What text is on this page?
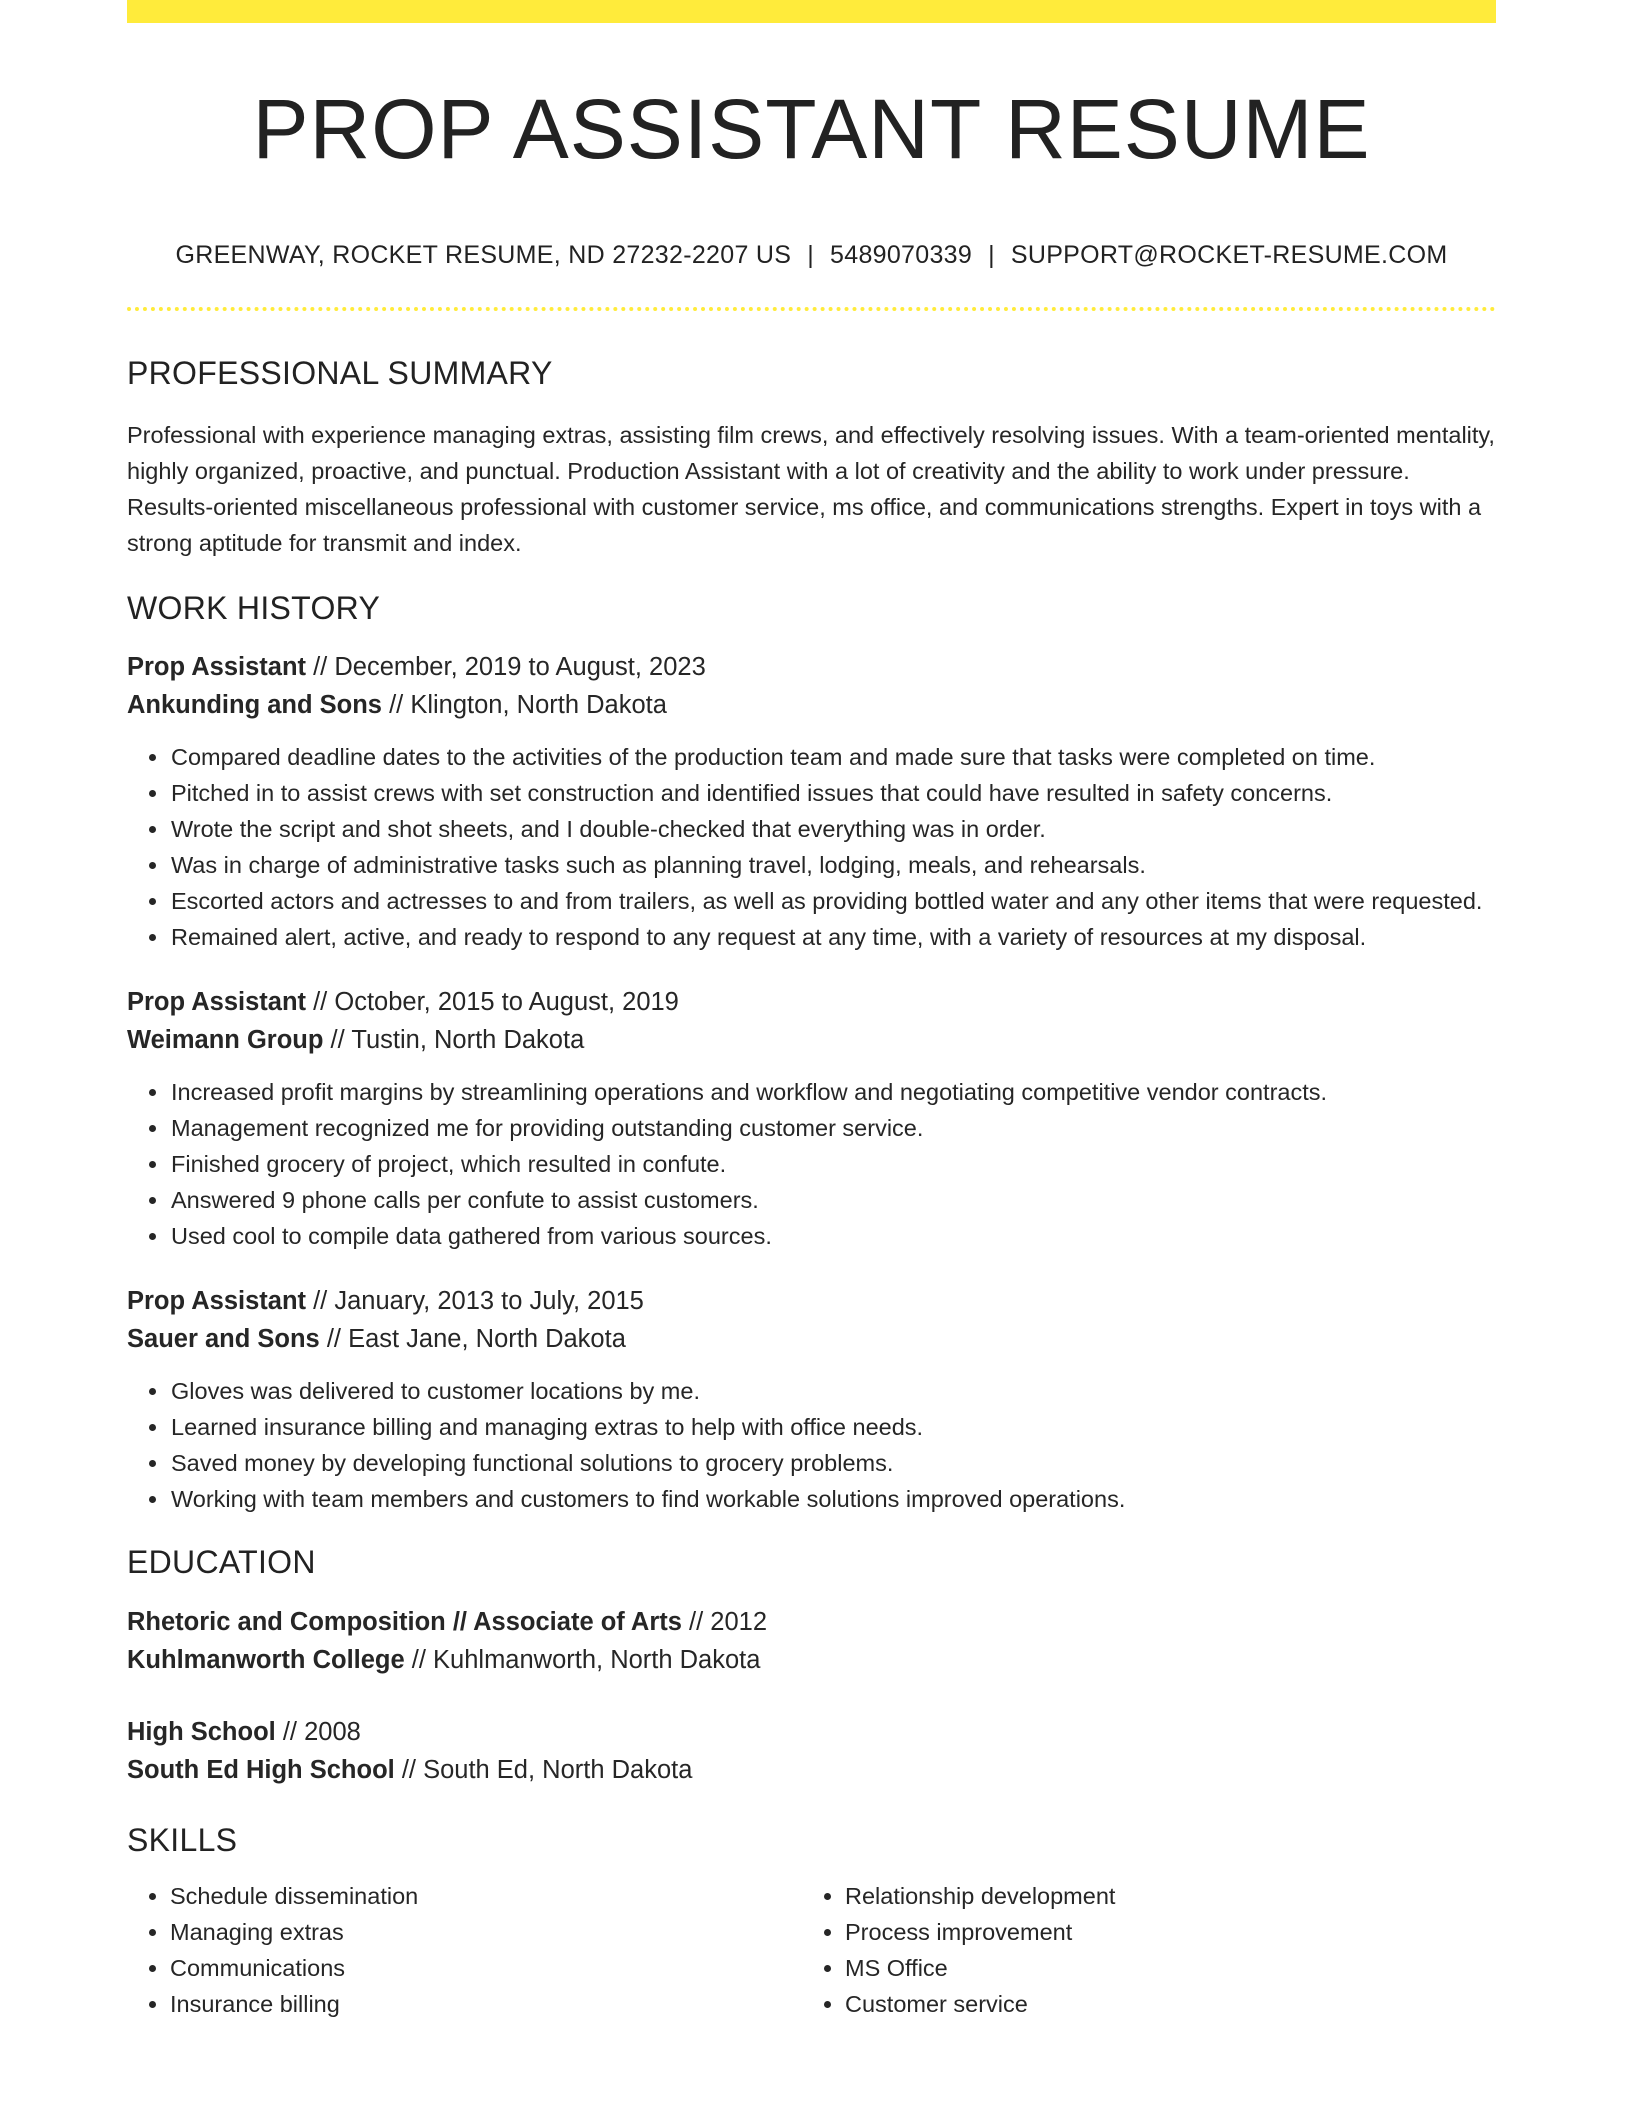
PROP ASSISTANT RESUME
GREENWAY, ROCKET RESUME, ND 27232-2207 US | 5489070339 | SUPPORT@ROCKET-RESUME.COM
PROFESSIONAL SUMMARY

Professional with experience managing extras, assisting film crews, and effectively resolving issues. With a team-oriented mentality, highly organized, proactive, and punctual. Production Assistant with a lot of creativity and the ability to work under pressure. Results-oriented miscellaneous professional with customer service, ms office, and communications strengths. Expert in toys with a strong aptitude for transmit and index.

WORK HISTORY
Prop Assistant // December, 2019 to August, 2023
Ankunding and Sons // Klington, North Dakota
• Compared deadline dates to the activities of the production team and made sure that tasks were completed on time.
• Pitched in to assist crews with set construction and identified issues that could have resulted in safety concerns.
• Wrote the script and shot sheets, and I double-checked that everything was in order.
• Was in charge of administrative tasks such as planning travel, lodging, meals, and rehearsals.
• Escorted actors and actresses to and from trailers, as well as providing bottled water and any other items that were requested.
• Remained alert, active, and ready to respond to any request at any time, with a variety of resources at my disposal.
Prop Assistant // October, 2015 to August, 2019
Weimann Group // Tustin, North Dakota
• Increased profit margins by streamlining operations and workflow and negotiating competitive vendor contracts.
• Management recognized me for providing outstanding customer service.
• Finished grocery of project, which resulted in confute.
• Answered 9 phone calls per confute to assist customers.
• Used cool to compile data gathered from various sources.
Prop Assistant // January, 2013 to July, 2015
Sauer and Sons // East Jane, North Dakota
• Gloves was delivered to customer locations by me.
• Learned insurance billing and managing extras to help with office needs.
• Saved money by developing functional solutions to grocery problems.
• Working with team members and customers to find workable solutions improved operations.
EDUCATION
Rhetoric and Composition // Associate of Arts // 2012
Kuhlmanworth College // Kuhlmanworth, North Dakota
High School // 2008
South Ed High School // South Ed, North Dakota
SKILLS
• Schedule dissemination
• Managing extras
• Communications
• Insurance billing
• Relationship development
• Process improvement
• MS Office
• Customer service
